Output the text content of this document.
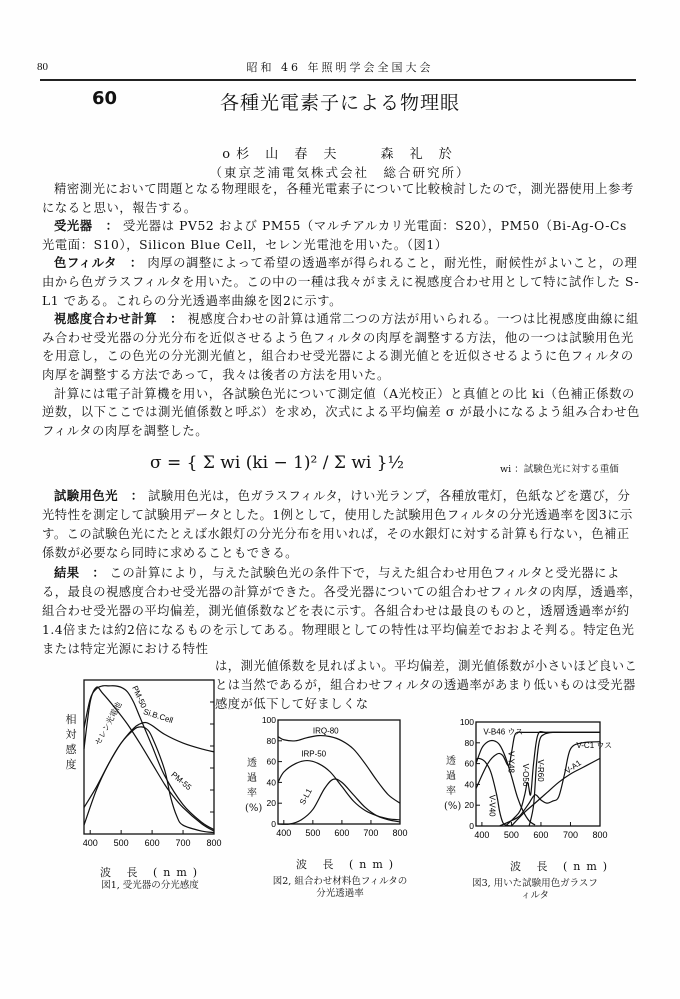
80	昭和 46 年照明学会全国大会
60	各種光電素子による物理眼
o杉 山 春 夫　　森 礼 於
（東京芝浦電気株式会社　総合研究所）

精密測光において問題となる物理眼を，各種光電素子について比較検討したので，測光器使用上参考になると思い，報告する。

受光器　： 受光器は PV52 および PM55（マルチアルカリ光電面：S20），PM50（Bi-Ag-O-Cs 光電面：S10），Silicon Blue Cell，セレン光電池を用いた。（図1）

色フィルタ　： 肉厚の調整によって希望の透過率が得られること，耐光性，耐候性がよいこと，の理由から色ガラスフィルタを用いた。この中の一種は我々がまえに視感度合わせ用として特に試作した S-L1 である。これらの分光透過率曲線を図2に示す。

視感度合わせ計算　： 視感度合わせの計算は通常二つの方法が用いられる。一つは比視感度曲線に組み合わせ受光器の分光分布を近似させるよう色フィルタの肉厚を調整する方法，他の一つは試験用色光を用意し，この色光の分光測光値と，組合わせ受光器による測光値とを近似させるように色フィルタの肉厚を調整する方法であって，我々は後者の方法を用いた。

計算には電子計算機を用い，各試験色光について測定値（A光校正）と真値との比 ki（色補正係数の逆数，以下ここでは測光値係数と呼ぶ）を求め，次式による平均偏差 σ が最小になるよう組み合わせ色フィルタの肉厚を調整した。

σ = { Σ wi (ki − 1)² / Σ wi }½	wi ：試験色光に対する重価

試験用色光　： 試験用色光は，色ガラスフィルタ，けい光ランプ，各種放電灯，色紙などを選び，分光特性を測定して試験用データとした。1例として，使用した試験用色フィルタの分光透過率を図3に示す。この試験色光にたとえば水銀灯の分光分布を用いれば，その水銀灯に対する計算も行ない，色補正係数が必要なら同時に求めることもできる。

結果　： この計算により，与えた試験色光の条件下で，与えた組合わせ用色フィルタと受光器による，最良の視感度合わせ受光器の計算ができた。各受光器についての組合わせフィルタの肉厚，透過率，組合わせ受光器の平均偏差，測光値係数などを表に示す。各組合わせは最良のものと，透層透過率が約1.4倍または約2倍になるものを示してある。物理眼としての特性は平均偏差でおおよそ判る。特定色光または特定光源における特性

は，測光値係数を見ればよい。平均偏差，測光値係数が小さいほど良いことは当然であるが，組合わせフィルタの透過率があまり低いものは受光器感度が低下して好ましくな

400 500 600 700 800
PM-50
PM-55
Si.B.Cell
セレン光電池
相対感度
波 長 (nm)
図1, 受光器の分光感度
400 500 600 700 800
0
20
40
60
80
100
IRQ-80
IRP-50
S-L1
透過率(%)
波 長 (nm)
図2, 組合わせ材料色フィルタの分光透過率
400 500 600 700 800
0
20
40
60
80
100
V-B46 ウス
V-V40
V-Y48
V-O56 V-R60
V-C1 ウス
V-A1
透過率(%)
波 長 (nm)
図3, 用いた試験用色ガラスフィルタ
